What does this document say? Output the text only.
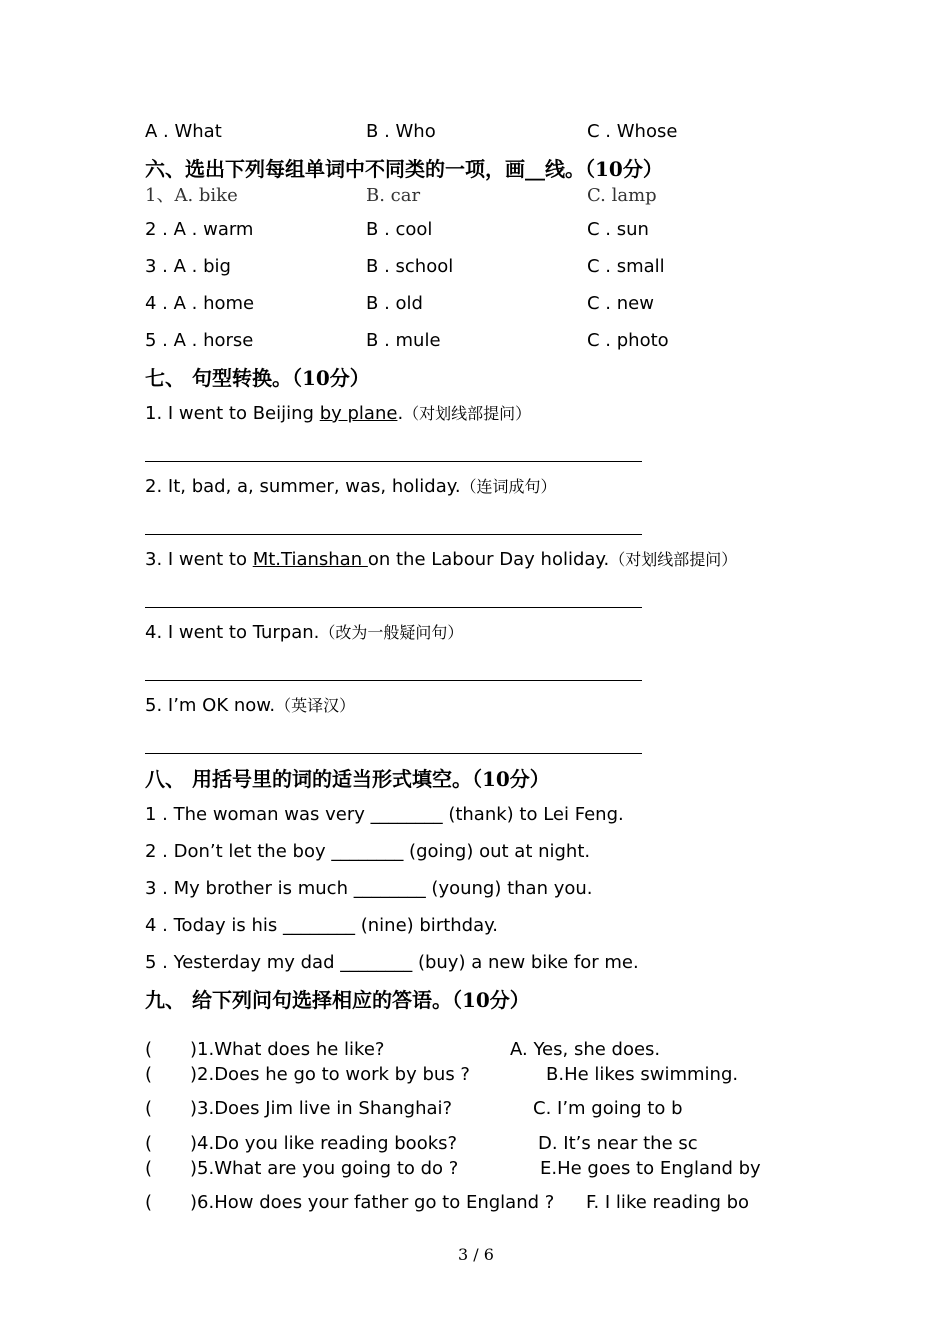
A . What	B . Who	C . Whose
六、选出下列每组单词中不同类的一项，画__线。（10分）
1、A. bike	B. car	C. lamp
2 . A . warm	B . cool	C . sun
3 . A . big	B . school	C . small
4 . A . home	B . old	C . new
5 . A . horse	B . mule	C . photo
七、 句型转换。（10分）
1. I went to Beijing by plane.（对划线部提问）
2. It, bad, a, summer, was, holiday.（连词成句）
3. I went to Mt.Tianshan on the Labour Day holiday.（对划线部提问）
4. I went to Turpan.（改为一般疑问句）
5. I’m OK now.（英译汉）
八、 用括号里的词的适当形式填空。（10分）
1 . The woman was very ________ (thank) to Lei Feng.
2 . Don’t let the boy ________ (going) out at night.
3 . My brother is much ________ (young) than you.
4 . Today is his ________ (nine) birthday.
5 . Yesterday my dad ________ (buy) a new bike for me.
九、 给下列问句选择相应的答语。（10分）
( )1.What does he like?	A. Yes, she does.
( )2.Does he go to work by bus ?	B.He likes swimming.
( )3.Does Jim live in Shanghai?	C. I’m going to b
( )4.Do you like reading books?	D. It’s near the sc
( )5.What are you going to do ?	E.He goes to England by
( )6.How does your father go to England ? F. I like reading bo
3 / 6
